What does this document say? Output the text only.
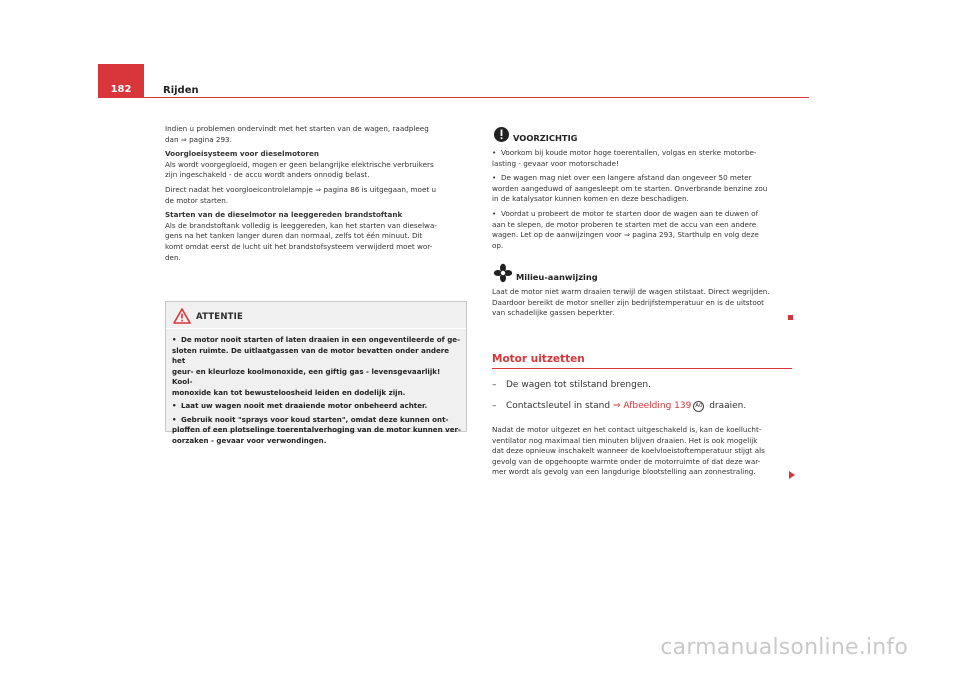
182	Rijden

Indien u problemen ondervindt met het starten van de wagen, raadpleeg
dan ⇒ pagina 293.

Voorgloeisysteem voor dieselmotoren

Als wordt voorgegloeid, mogen er geen belangrijke elektrische verbruikers
zijn ingeschakeld - de accu wordt anders onnodig belast.

Direct nadat het voorgloeicontrolelampje ⇒ pagina 86 is uitgegaan, moet u
de motor starten.

Starten van de dieselmotor na leeggereden brandstoftank

Als de brandstoftank volledig is leeggereden, kan het starten van dieselwa-
gens na het tanken langer duren dan normaal, zelfs tot één minuut. Dit
komt omdat eerst de lucht uit het brandstofsysteem verwijderd moet wor-
den.

ATTENTIE

• De motor nooit starten of laten draaien in een ongeventileerde of ge-
sloten ruimte. De uitlaatgassen van de motor bevatten onder andere het
geur- en kleurloze koolmonoxide, een giftig gas - levensgevaarlijk! Kool-
monoxide kan tot bewusteloosheid leiden en dodelijk zijn.

• Laat uw wagen nooit met draaiende motor onbeheerd achter.

• Gebruik nooit "sprays voor koud starten", omdat deze kunnen ont-
ploffen of een plotselinge toerentalverhoging van de motor kunnen ver-
oorzaken - gevaar voor verwondingen.

VOORZICHTIG

• Voorkom bij koude motor hoge toerentallen, volgas en sterke motorbe-
lasting - gevaar voor motorschade!

• De wagen mag niet over een langere afstand dan ongeveer 50 meter
worden aangeduwd of aangesleept om te starten. Onverbrande benzine zou
in de katalysator kunnen komen en deze beschadigen.

• Voordat u probeert de motor te starten door de wagen aan te duwen of
aan te slepen, de motor proberen te starten met de accu van een andere
wagen. Let op de aanwijzingen voor ⇒ pagina 293, Starthulp en volg deze
op.

Milieu-aanwijzing
Laat de motor niet warm draaien terwijl de wagen stilstaat. Direct wegrijden.
Daardoor bereikt de motor sneller zijn bedrijfstemperatuur en is de uitstoot
van schadelijke gassen beperkter.
Motor uitzetten
– De wagen tot stilstand brengen.
– Contactsleutel in stand ⇒ Afbeelding 139 A0 draaien.
Nadat de motor uitgezet en het contact uitgeschakeld is, kan de koellucht-
ventilator nog maximaal tien minuten blijven draaien. Het is ook mogelijk
dat deze opnieuw inschakelt wanneer de koelvloeistoftemperatuur stijgt als
gevolg van de opgehoopte warmte onder de motorruimte of dat deze war-
mer wordt als gevolg van een langdurige blootstelling aan zonnestraling.
carmanualsonline.info
